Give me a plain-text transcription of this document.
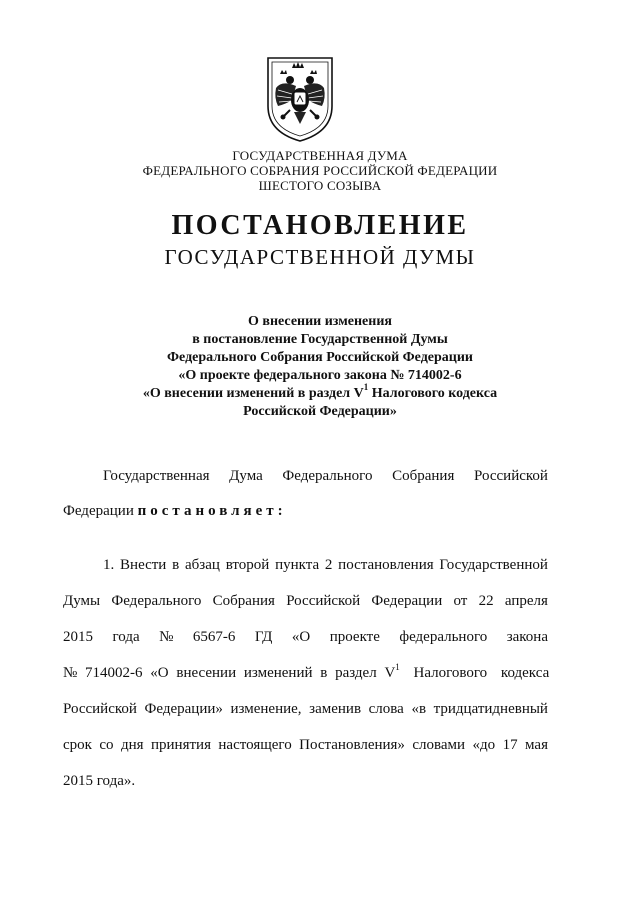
ГОСУДАРСТВЕННАЯ ДУМА
ФЕДЕРАЛЬНОГО СОБРАНИЯ РОССИЙСКОЙ ФЕДЕРАЦИИ
ШЕСТОГО СОЗЫВА
ПОСТАНОВЛЕНИЕ
ГОСУДАРСТВЕННОЙ ДУМЫ
О внесении изменения
в постановление Государственной Думы
Федерального Собрания Российской Федерации
«О проекте федерального закона № 714002-6
«О внесении изменений в раздел $V^1$ Налогового кодекса
Российской Федерации»
Государственная Дума Федерального Собрания Российской
Федерации постановляет:
1. Внести в абзац второй пункта 2 постановления Государственной
Думы Федерального Собрания Российской Федерации от 22 апреля
2015 года № 6567-6 ГД «О проекте федерального закона
№ 714002-6 «О внесении изменений в раздел V $^1$ Налогового кодекса
Российской Федерации» изменение, заменив слова «в тридцатидневный
срок со дня принятия настоящего Постановления» словами «до 17 мая
2015 года».
